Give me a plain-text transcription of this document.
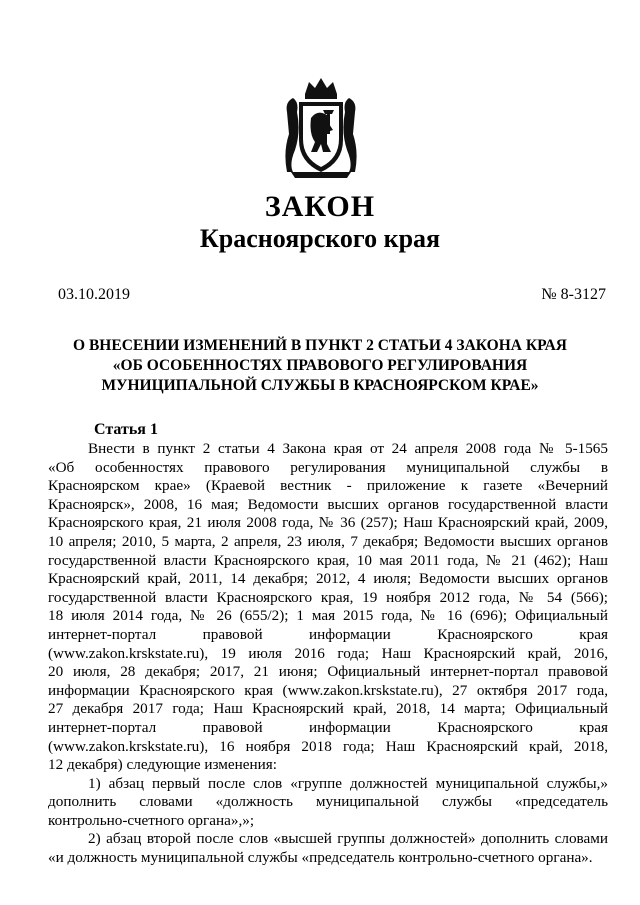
ЗАКОН
Красноярского края
03.10.2019	№ 8-3127
О ВНЕСЕНИИ ИЗМЕНЕНИЙ В ПУНКТ 2 СТАТЬИ 4 ЗАКОНА КРАЯ
«ОБ ОСОБЕННОСТЯХ ПРАВОВОГО РЕГУЛИРОВАНИЯ
МУНИЦИПАЛЬНОЙ СЛУЖБЫ В КРАСНОЯРСКОМ КРАЕ»
Статья 1
Внести в пункт 2 статьи 4 Закона края от 24 апреля 2008 года № 5-1565
«Об особенностях правового регулирования муниципальной службы в
Красноярском крае» (Краевой вестник - приложение к газете «Вечерний
Красноярск», 2008, 16 мая; Ведомости высших органов государственной власти
Красноярского края, 21 июля 2008 года, № 36 (257); Наш Красноярский край, 2009,
10 апреля; 2010, 5 марта, 2 апреля, 23 июля, 7 декабря; Ведомости высших органов
государственной власти Красноярского края, 10 мая 2011 года, № 21 (462); Наш
Красноярский край, 2011, 14 декабря; 2012, 4 июля; Ведомости высших органов
государственной власти Красноярского края, 19 ноября 2012 года, № 54 (566);
18 июля 2014 года, № 26 (655/2); 1 мая 2015 года, № 16 (696); Официальный
интернет-портал правовой информации Красноярского края
(www.zakon.krskstate.ru), 19 июля 2016 года; Наш Красноярский край, 2016,
20 июля, 28 декабря; 2017, 21 июня; Официальный интернет-портал правовой
информации Красноярского края (www.zakon.krskstate.ru), 27 октября 2017 года,
27 декабря 2017 года; Наш Красноярский край, 2018, 14 марта; Официальный
интернет-портал правовой информации Красноярского края
(www.zakon.krskstate.ru), 16 ноября 2018 года; Наш Красноярский край, 2018,
12 декабря) следующие изменения:
1) абзац первый после слов «группе должностей муниципальной службы,»
дополнить словами «должность муниципальной службы «председатель
контрольно-счетного органа»,»;
2) абзац второй после слов «высшей группы должностей» дополнить словами
«и должность муниципальной службы «председатель контрольно-счетного органа».
